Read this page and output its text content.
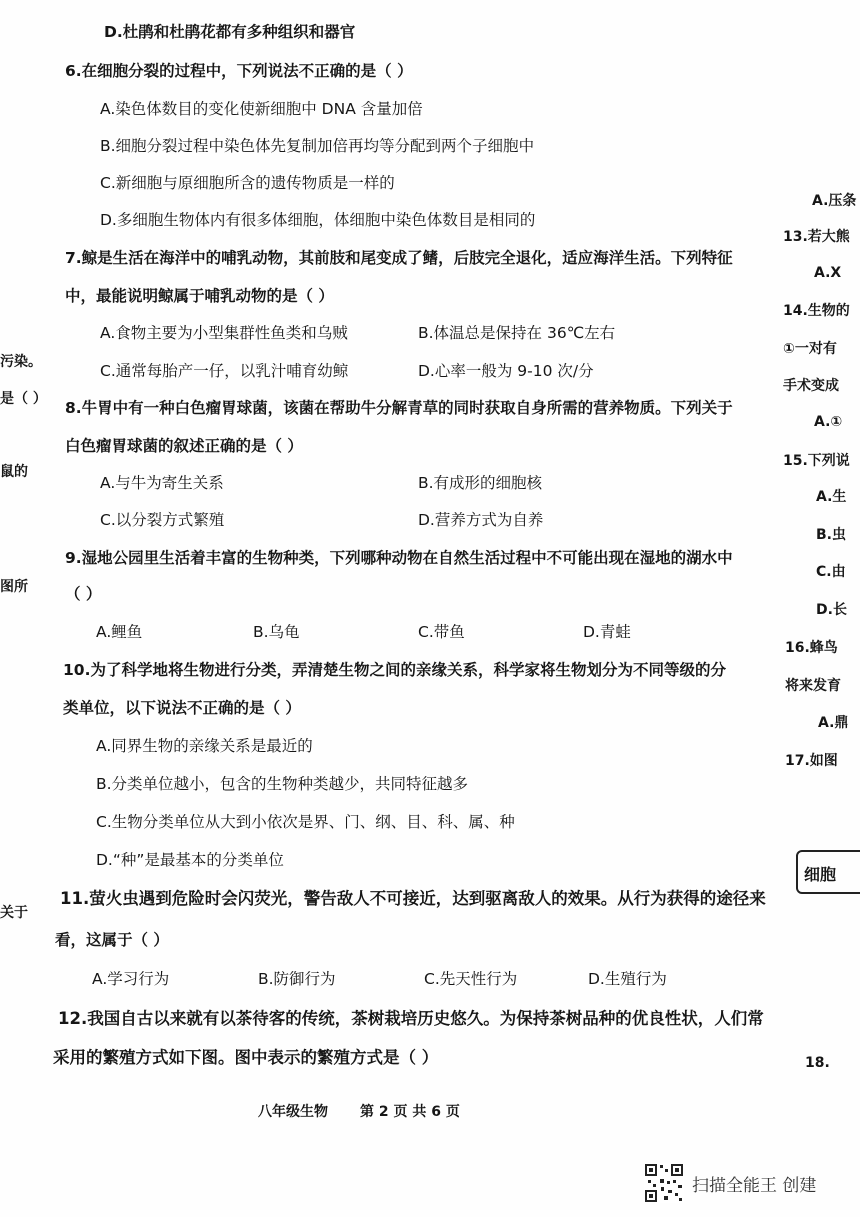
D.杜鹃和杜鹃花都有多种组织和器官
6.在细胞分裂的过程中，下列说法不正确的是（ ）
A.染色体数目的变化使新细胞中 DNA 含量加倍
B.细胞分裂过程中染色体先复制加倍再均等分配到两个子细胞中
C.新细胞与原细胞所含的遗传物质是一样的
D.多细胞生物体内有很多体细胞，体细胞中染色体数目是相同的
7.鲸是生活在海洋中的哺乳动物，其前肢和尾变成了鳍，后肢完全退化，适应海洋生活。下列特征
中，最能说明鲸属于哺乳动物的是（ ）
A.食物主要为小型集群性鱼类和乌贼	B.体温总是保持在 36℃左右
C.通常每胎产一仔，以乳汁哺育幼鲸	D.心率一般为 9-10 次/分
8.牛胃中有一种白色瘤胃球菌，该菌在帮助牛分解青草的同时获取自身所需的营养物质。下列关于
白色瘤胃球菌的叙述正确的是（ ）
A.与牛为寄生关系	B.有成形的细胞核
C.以分裂方式繁殖	D.营养方式为自养
9.湿地公园里生活着丰富的生物种类，下列哪种动物在自然生活过程中不可能出现在湿地的湖水中
（ ）
A.鲤鱼	B.乌龟	C.带鱼	D.青蛙
10.为了科学地将生物进行分类，弄清楚生物之间的亲缘关系，科学家将生物划分为不同等级的分
类单位，以下说法不正确的是（ ）
A.同界生物的亲缘关系是最近的
B.分类单位越小，包含的生物种类越少，共同特征越多
C.生物分类单位从大到小依次是界、门、纲、目、科、属、种
D.“种”是最基本的分类单位
11.萤火虫遇到危险时会闪荧光，警告敌人不可接近，达到驱离敌人的效果。从行为获得的途径来
看，这属于（ ）
A.学习行为	B.防御行为	C.先天性行为	D.生殖行为
12.我国自古以来就有以茶待客的传统，茶树栽培历史悠久。为保持茶树品种的优良性状，人们常
采用的繁殖方式如下图。图中表示的繁殖方式是（ ）
八年级生物 第 2 页 共 6 页
污染。
是（ ）
鼠的
图所
关于
A.压条
13.若大熊
A.X
14.生物的
①一对有
手术变成
A.①
15.下列说
A.生
B.虫
C.由
D.长
16.蜂鸟
将来发育
A.鼎
17.如图
18.
细胞
扫描全能王 创建
